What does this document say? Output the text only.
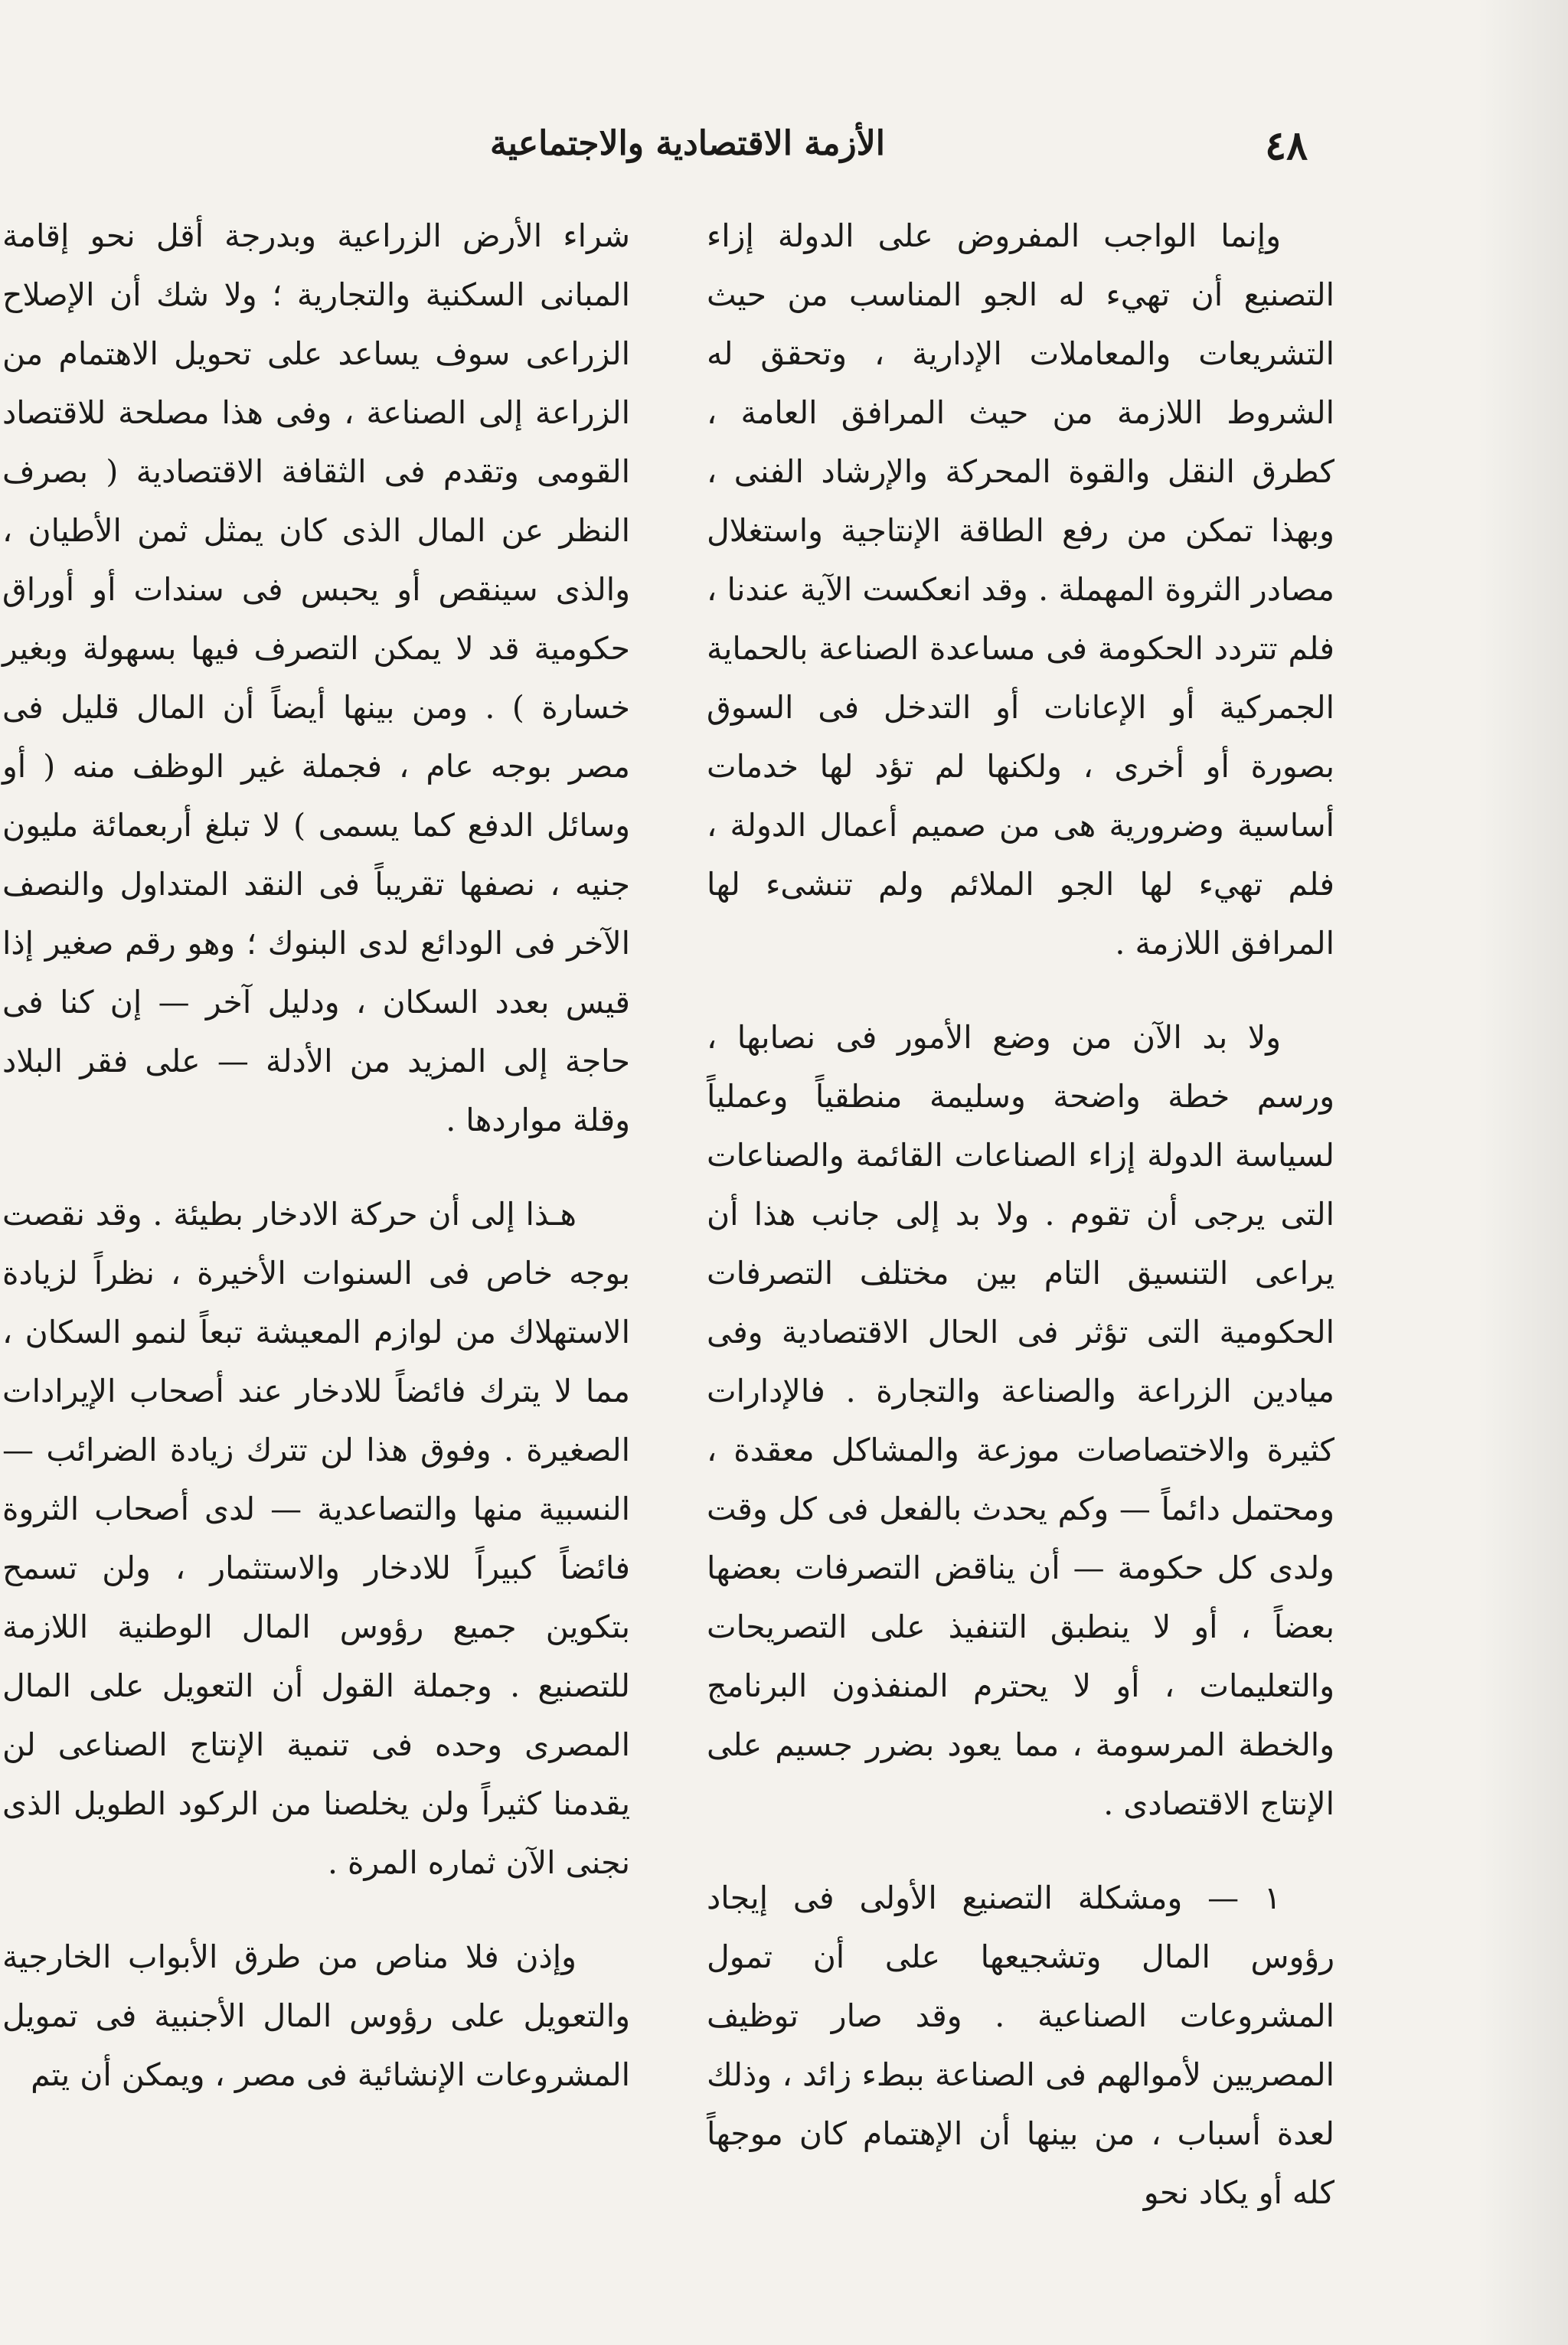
٤٨
الأزمة الاقتصادية والاجتماعية

وإنما الواجب المفروض على الدولة إزاء التصنيع أن تهيء له الجو المناسب من حيث التشريعات والمعاملات الإدارية ، وتحقق له الشروط اللازمة من حيث المرافق العامة ، كطرق النقل والقوة المحركة والإرشاد الفنى ، وبهذا تمكن من رفع الطاقة الإنتاجية واستغلال مصادر الثروة المهملة . وقد انعكست الآية عندنا ، فلم تتردد الحكومة فى مساعدة الصناعة بالحماية الجمركية أو الإعانات أو التدخل فى السوق بصورة أو أخرى ، ولكنها لم تؤد لها خدمات أساسية وضرورية هى من صميم أعمال الدولة ، فلم تهيء لها الجو الملائم ولم تنشىء لها المرافق اللازمة .

ولا بد الآن من وضع الأمور فى نصابها ، ورسم خطة واضحة وسليمة منطقياً وعملياً لسياسة الدولة إزاء الصناعات القائمة والصناعات التى يرجى أن تقوم . ولا بد إلى جانب هذا أن يراعى التنسيق التام بين مختلف التصرفات الحكومية التى تؤثر فى الحال الاقتصادية وفى ميادين الزراعة والصناعة والتجارة . فالإدارات كثيرة والاختصاصات موزعة والمشاكل معقدة ، ومحتمل دائماً — وكم يحدث بالفعل فى كل وقت ولدى كل حكومة — أن يناقض التصرفات بعضها بعضاً ، أو لا ينطبق التنفيذ على التصريحات والتعليمات ، أو لا يحترم المنفذون البرنامج والخطة المرسومة ، مما يعود بضرر جسيم على الإنتاج الاقتصادى .

١ — ومشكلة التصنيع الأولى فى إيجاد رؤوس المال وتشجيعها على أن تمول المشروعات الصناعية . وقد صار توظيف المصريين لأموالهم فى الصناعة ببطء زائد ، وذلك لعدة أسباب ، من بينها أن الإهتمام كان موجهاً كله أو يكاد نحو

شراء الأرض الزراعية وبدرجة أقل نحو إقامة المبانى السكنية والتجارية ؛ ولا شك أن الإصلاح الزراعى سوف يساعد على تحويل الاهتمام من الزراعة إلى الصناعة ، وفى هذا مصلحة للاقتصاد القومى وتقدم فى الثقافة الاقتصادية ( بصرف النظر عن المال الذى كان يمثل ثمن الأطيان ، والذى سينقص أو يحبس فى سندات أو أوراق حكومية قد لا يمكن التصرف فيها بسهولة وبغير خسارة ) . ومن بينها أيضاً أن المال قليل فى مصر بوجه عام ، فجملة غير الوظف منه ( أو وسائل الدفع كما يسمى ) لا تبلغ أربعمائة مليون جنيه ، نصفها تقريباً فى النقد المتداول والنصف الآخر فى الودائع لدى البنوك ؛ وهو رقم صغير إذا قيس بعدد السكان ، ودليل آخر — إن كنا فى حاجة إلى المزيد من الأدلة — على فقر البلاد وقلة مواردها .

هـذا إلى أن حركة الادخار بطيئة . وقد نقصت بوجه خاص فى السنوات الأخيرة ، نظراً لزيادة الاستهلاك من لوازم المعيشة تبعاً لنمو السكان ، مما لا يترك فائضاً للادخار عند أصحاب الإيرادات الصغيرة . وفوق هذا لن تترك زيادة الضرائب — النسبية منها والتصاعدية — لدى أصحاب الثروة فائضاً كبيراً للادخار والاستثمار ، ولن تسمح بتكوين جميع رؤوس المال الوطنية اللازمة للتصنيع . وجملة القول أن التعويل على المال المصرى وحده فى تنمية الإنتاج الصناعى لن يقدمنا كثيراً ولن يخلصنا من الركود الطويل الذى نجنى الآن ثماره المرة .

وإذن فلا مناص من طرق الأبواب الخارجية والتعويل على رؤوس المال الأجنبية فى تمويل المشروعات الإنشائية فى مصر ، ويمكن أن يتم
